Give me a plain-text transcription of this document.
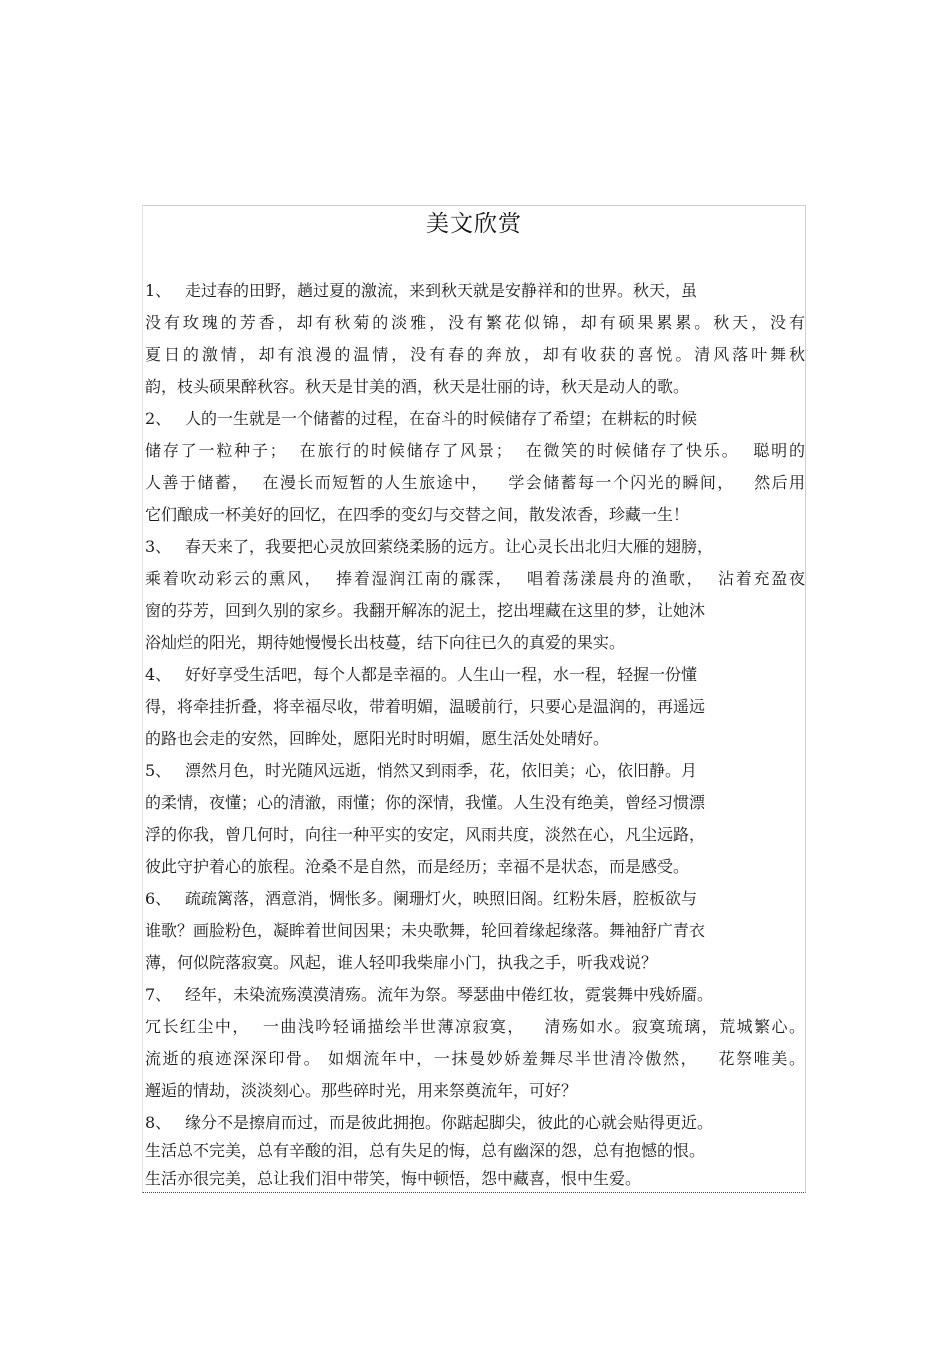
美文欣赏
1、 走过春的田野，趟过夏的激流，来到秋天就是安静祥和的世界。秋天，虽
没有玫瑰的芳香，却有秋菊的淡雅，没有繁花似锦，却有硕果累累。秋天，没有
夏日的激情，却有浪漫的温情，没有春的奔放，却有收获的喜悦。清风落叶舞秋
韵，枝头硕果醉秋容。秋天是甘美的酒，秋天是壮丽的诗，秋天是动人的歌。
2、 人的一生就是一个储蓄的过程，在奋斗的时候储存了希望；在耕耘的时候
储存了一粒种子；  在旅行的时候储存了风景；  在微笑的时候储存了快乐。  聪明的
人善于储蓄，  在漫长而短暂的人生旅途中，   学会储蓄每一个闪光的瞬间，   然后用
它们酿成一杯美好的回忆，在四季的变幻与交替之间，散发浓香，珍藏一生！
3、 春天来了，我要把心灵放回萦绕柔肠的远方。让心灵长出北归大雁的翅膀，
乘着吹动彩云的熏风，  捧着湿润江南的霡霂，  唱着荡漾晨舟的渔歌，  沾着充盈夜
窗的芬芳，回到久别的家乡。我翻开解冻的泥土，挖出埋藏在这里的梦，让她沐
浴灿烂的阳光，期待她慢慢长出枝蔓，结下向往已久的真爱的果实。
4、 好好享受生活吧，每个人都是幸福的。人生山一程，水一程，轻握一份懂
得，将牵挂折叠，将幸福尽收，带着明媚，温暖前行，只要心是温润的，再遥远
的路也会走的安然，回眸处，愿阳光时时明媚，愿生活处处晴好。
5、 漂然月色，时光随风远逝，悄然又到雨季，花，依旧美；心，依旧静。月
的柔情，夜懂；心的清澈，雨懂；你的深情，我懂。人生没有绝美，曾经习惯漂
浮的你我，曾几何时，向往一种平实的安定，风雨共度，淡然在心，凡尘远路，
彼此守护着心的旅程。沧桑不是自然，而是经历；幸福不是状态，而是感受。
6、 疏疏篱落，酒意消，惆怅多。阑珊灯火，映照旧阁。红粉朱唇，腔板欲与
谁歌？画脸粉色，凝眸着世间因果；未央歌舞，轮回着缘起缘落。舞袖舒广青衣
薄，何似院落寂寞。风起，谁人轻叩我柴扉小门，执我之手，听我戏说？
7、 经年，未染流殇漠漠清殇。流年为祭。琴瑟曲中倦红妆，霓裳舞中残娇靥。
冗长红尘中，  一曲浅吟轻诵描绘半世薄凉寂寞，   清殇如水。寂寞琉璃，荒城繁心。
流逝的痕迹深深印骨。 如烟流年中，一抹曼妙娇羞舞尽半世清冷傲然，   花祭唯美。
邂逅的情劫，淡淡刻心。那些碎时光，用来祭奠流年，可好？
8、 缘分不是擦肩而过，而是彼此拥抱。你踮起脚尖，彼此的心就会贴得更近。
生活总不完美，总有辛酸的泪，总有失足的悔，总有幽深的怨，总有抱憾的恨。
生活亦很完美，总让我们泪中带笑，悔中顿悟，怨中藏喜，恨中生爱。
